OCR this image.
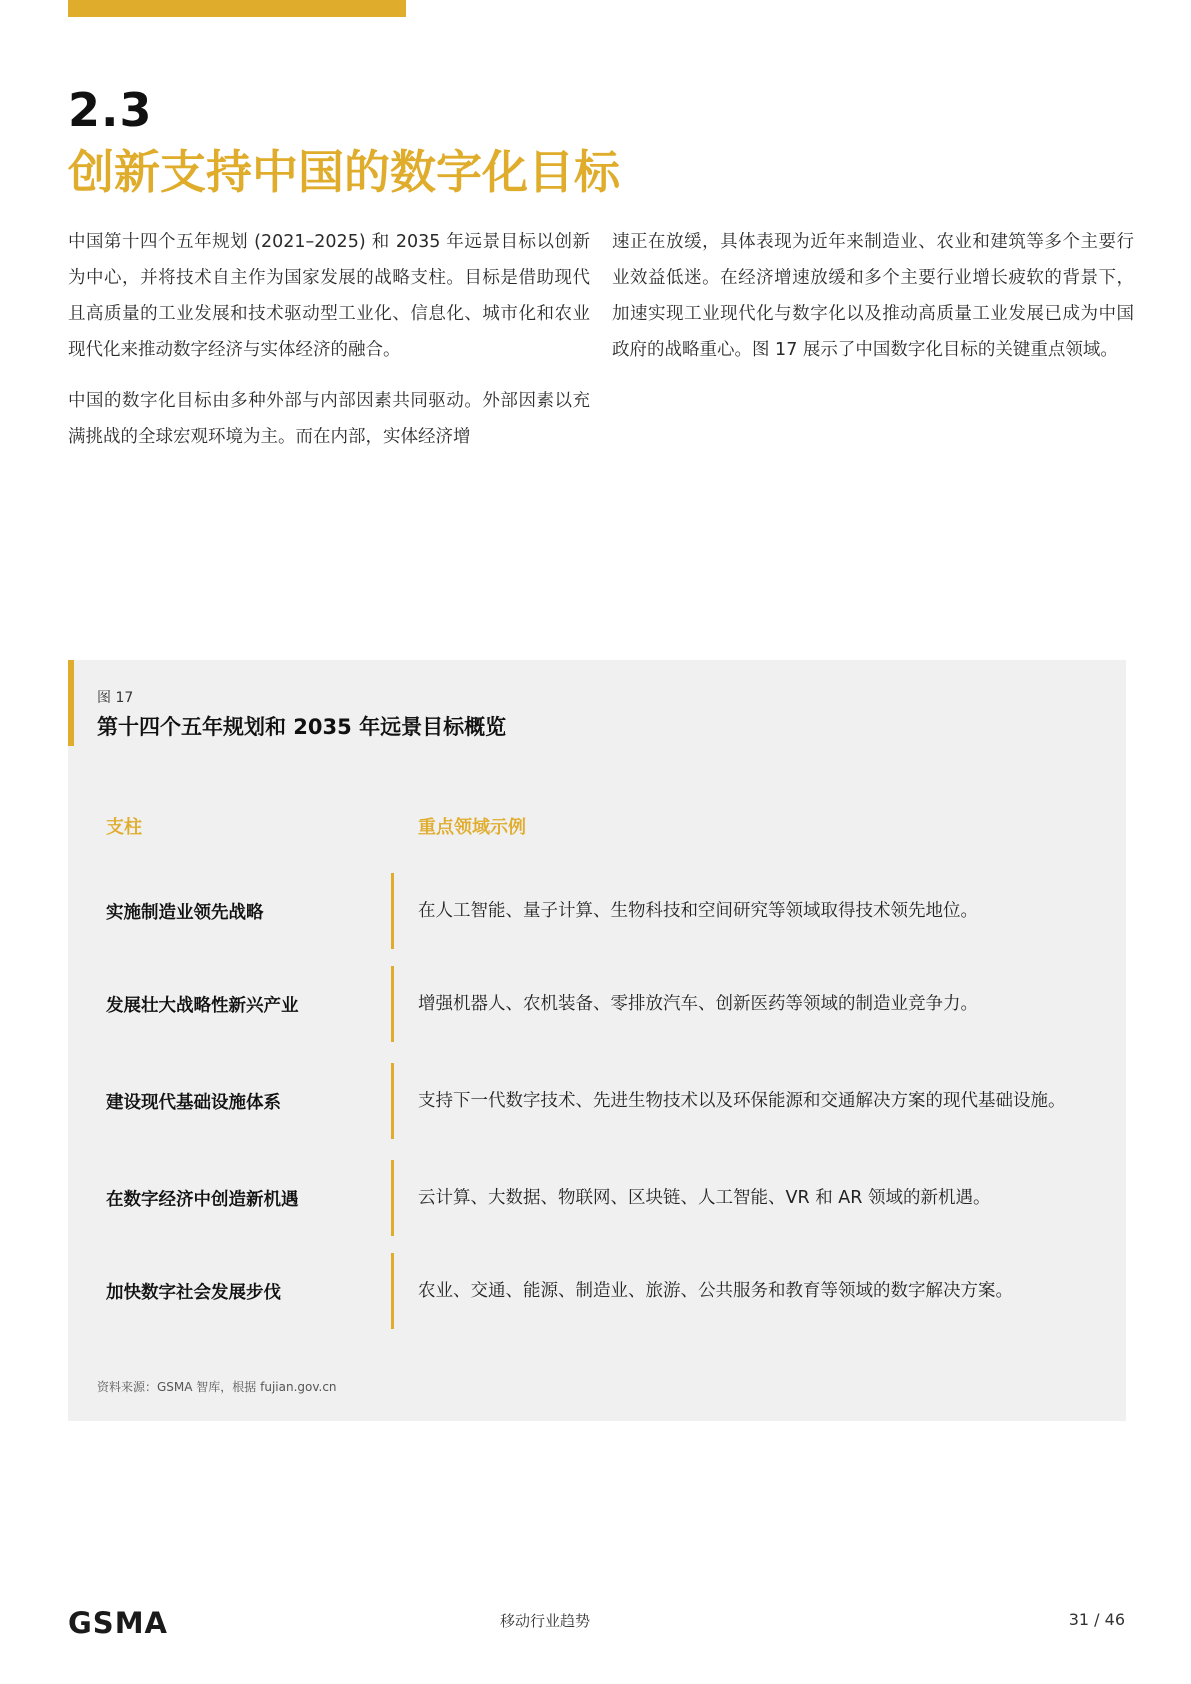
2.3
创新支持中国的数字化目标

中国第十四个五年规划 (2021–2025) 和 2035 年远景目标以创新为中心，并将技术自主作为国家发展的战略支柱。目标是借助现代且高质量的工业发展和技术驱动型工业化、信息化、城市化和农业现代化来推动数字经济与实体经济的融合。

中国的数字化目标由多种外部与内部因素共同驱动。外部因素以充满挑战的全球宏观环境为主。而在内部，实体经济增

速正在放缓，具体表现为近年来制造业、农业和建筑等多个主要行业效益低迷。在经济增速放缓和多个主要行业增长疲软的背景下，加速实现工业现代化与数字化以及推动高质量工业发展已成为中国政府的战略重心。图 17 展示了中国数字化目标的关键重点领域。

图 17
第十四个五年规划和 2035 年远景目标概览
支柱	重点领域示例
实施制造业领先战略	在人工智能、量子计算、生物科技和空间研究等领域取得技术领先地位。
发展壮大战略性新兴产业	增强机器人、农机装备、零排放汽车、创新医药等领域的制造业竞争力。
建设现代基础设施体系	支持下一代数字技术、先进生物技术以及环保能源和交通解决方案的现代基础设施。
在数字经济中创造新机遇	云计算、大数据、物联网、区块链、人工智能、VR 和 AR 领域的新机遇。
加快数字社会发展步伐	农业、交通、能源、制造业、旅游、公共服务和教育等领域的数字解决方案。
资料来源：GSMA 智库，根据 fujian.gov.cn
GSMA	移动行业趋势	31 / 46
